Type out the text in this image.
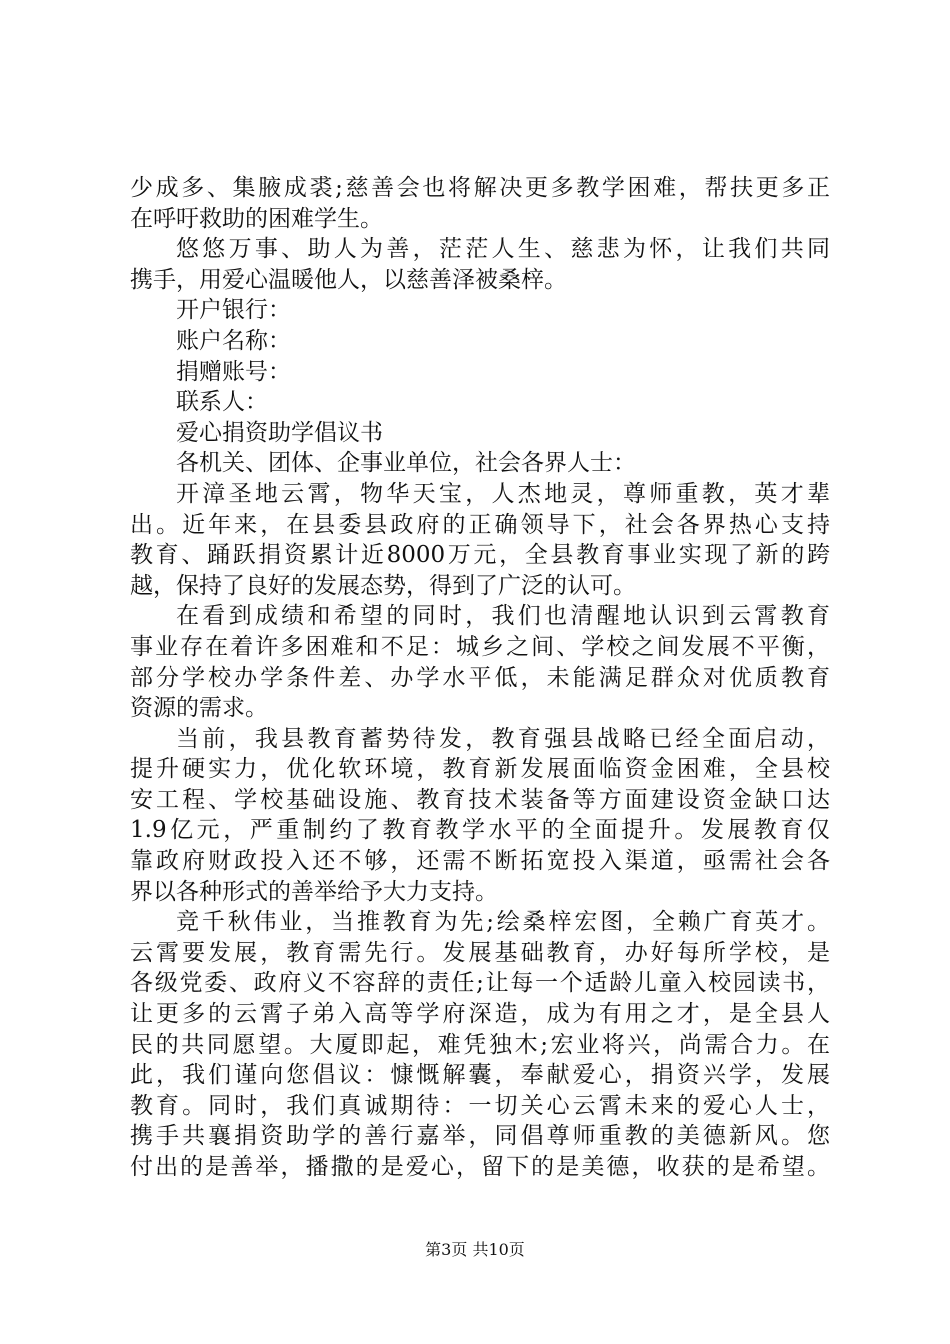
少成多、集腋成裘;慈善会也将解决更多教学困难，帮扶更多正
在呼吁救助的困难学生。
悠悠万事、助人为善，茫茫人生、慈悲为怀，让我们共同
携手，用爱心温暖他人，以慈善泽被桑梓。
开户银行：
账户名称：
捐赠账号：
联系人：
爱心捐资助学倡议书
各机关、团体、企事业单位，社会各界人士：
开漳圣地云霄，物华天宝，人杰地灵，尊师重教，英才辈
出。近年来，在县委县政府的正确领导下，社会各界热心支持
教育、踊跃捐资累计近8000万元，全县教育事业实现了新的跨
越，保持了良好的发展态势，得到了广泛的认可。
在看到成绩和希望的同时，我们也清醒地认识到云霄教育
事业存在着许多困难和不足：城乡之间、学校之间发展不平衡，
部分学校办学条件差、办学水平低，未能满足群众对优质教育
资源的需求。
当前，我县教育蓄势待发，教育强县战略已经全面启动，
提升硬实力，优化软环境，教育新发展面临资金困难，全县校
安工程、学校基础设施、教育技术装备等方面建设资金缺口达
1.9亿元，严重制约了教育教学水平的全面提升。发展教育仅
靠政府财政投入还不够，还需不断拓宽投入渠道，亟需社会各
界以各种形式的善举给予大力支持。
竞千秋伟业，当推教育为先;绘桑梓宏图，全赖广育英才。
云霄要发展，教育需先行。发展基础教育，办好每所学校，是
各级党委、政府义不容辞的责任;让每一个适龄儿童入校园读书，
让更多的云霄子弟入高等学府深造，成为有用之才，是全县人
民的共同愿望。大厦即起，难凭独木;宏业将兴，尚需合力。在
此，我们谨向您倡议：慷慨解囊，奉献爱心，捐资兴学，发展
教育。同时，我们真诚期待：一切关心云霄未来的爱心人士，
携手共襄捐资助学的善行嘉举，同倡尊师重教的美德新风。您
付出的是善举，播撒的是爱心，留下的是美德，收获的是希望。
第3页 共10页
